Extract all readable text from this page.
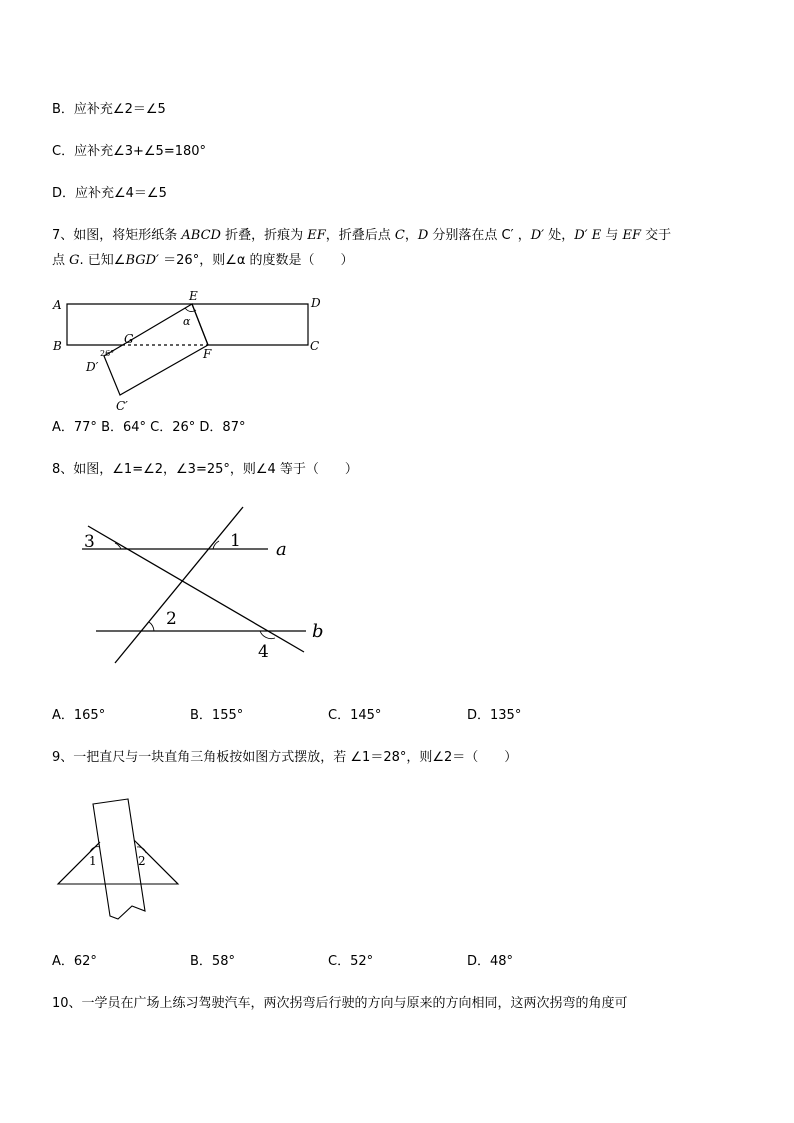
B．应补充∠2＝∠5
C．应补充∠3+∠5=180°
D．应补充∠4＝∠5
7、如图，将矩形纸条 ABCD 折叠，折痕为 EF，折叠后点 C，D 分别落在点 C′ ，D′ 处，D′ E 与 EF 交于
点 G. 已知∠BGD′ ＝26°，则∠α 的度数是（　　）
A
B	C
D
E
F
G
D′
C′
α
26°
A．77° B．64° C．26° D．87°
8、如图，∠1=∠2，∠3=25°，则∠4 等于（　　）
1
2
3
4
a
b
A．165°	B．155°	C．145°	D．135°
9、一把直尺与一块直角三角板按如图方式摆放，若 ∠1＝28°，则∠2＝（　　）
1	2
A．62°	B．58°	C．52°	D．48°
10、一学员在广场上练习驾驶汽车，两次拐弯后行驶的方向与原来的方向相同，这两次拐弯的角度可
